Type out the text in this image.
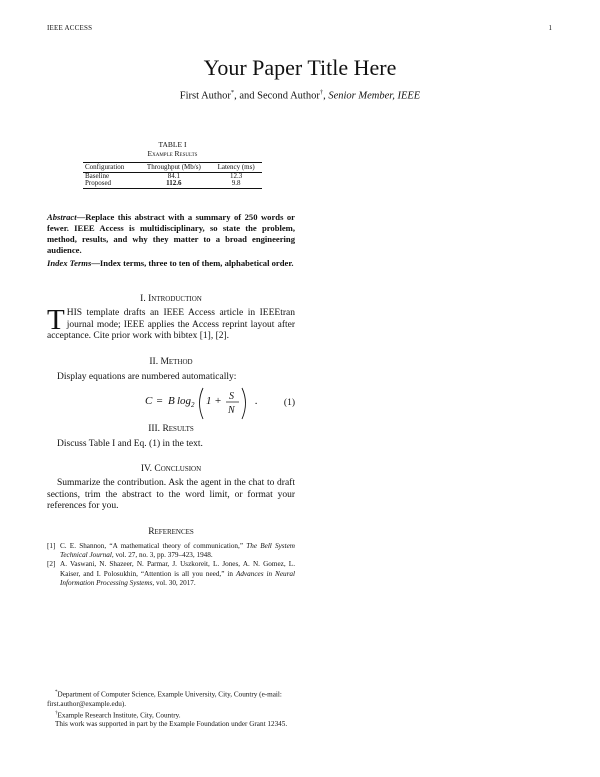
IEEE ACCESS	1
Your Paper Title Here
First Author*, and Second Author†, Senior Member, IEEE
TABLE I
Example Results
Configuration	Throughput (Mb/s)	Latency (ms)
Baseline	84.1	12.3
Proposed	112.6	9.8
Abstract—Replace this abstract with a summary of 250 words or fewer. IEEE Access is multidisciplinary, so state the problem, method, results, and why they matter to a broad engineering audience.
Index Terms—Index terms, three to ten of them, alphabetical order.
I. Introduction
THIS template drafts an IEEE Access article in IEEEtran journal mode; IEEE applies the Access reprint layout after acceptance. Cite prior work with bibtex [1], [2].
II. Method
Display equations are numbered automatically:
C = B log 2 1 + S
N
.	(1)
III. Results
Discuss Table I and Eq. (1) in the text.
IV. Conclusion
Summarize the contribution. Ask the agent in the chat to draft sections, trim the abstract to the word limit, or format your references for you.
References
[1] C. E. Shannon, “A mathematical theory of communication,” The Bell System Technical Journal, vol. 27, no. 3, pp. 379–423, 1948.
[2] A. Vaswani, N. Shazeer, N. Parmar, J. Uszkoreit, L. Jones, A. N. Gomez, L. Kaiser, and I. Polosukhin, “Attention is all you need,” in Advances in Neural Information Processing Systems, vol. 30, 2017.
*Department of Computer Science, Example University, City, Country (e-mail: first.author@example.edu).
†Example Research Institute, City, Country.
This work was supported in part by the Example Foundation under Grant 12345.
